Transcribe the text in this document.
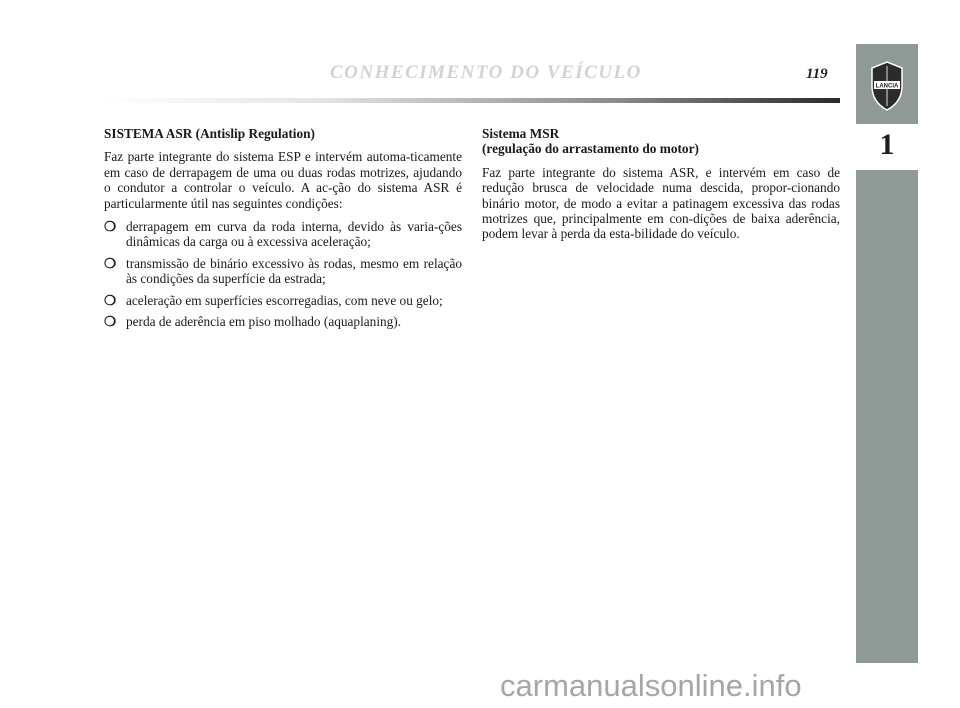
CONHECIMENTO DO VEÍCULO	119
LANCIA
1
SISTEMA ASR (Antislip Regulation)

Faz parte integrante do sistema ESP e intervém automa-ticamente em caso de derrapagem de uma ou duas rodas motrizes, ajudando o condutor a controlar o veículo. A ac-ção do sistema ASR é particularmente útil nas seguintes condições:

❍ derrapagem em curva da roda interna, devido às varia-ções dinâmicas da carga ou à excessiva aceleração;
❍ transmissão de binário excessivo às rodas, mesmo em relação às condições da superfície da estrada;
❍ aceleração em superfícies escorregadias, com neve ou gelo;
❍ perda de aderência em piso molhado (aquaplaning).
Sistema MSR
(regulação do arrastamento do motor)

Faz parte integrante do sistema ASR, e intervém em caso de redução brusca de velocidade numa descida, propor-cionando binário motor, de modo a evitar a patinagem excessiva das rodas motrizes que, principalmente em con-dições de baixa aderência, podem levar à perda da esta-bilidade do veículo.

carmanualsonline.info
